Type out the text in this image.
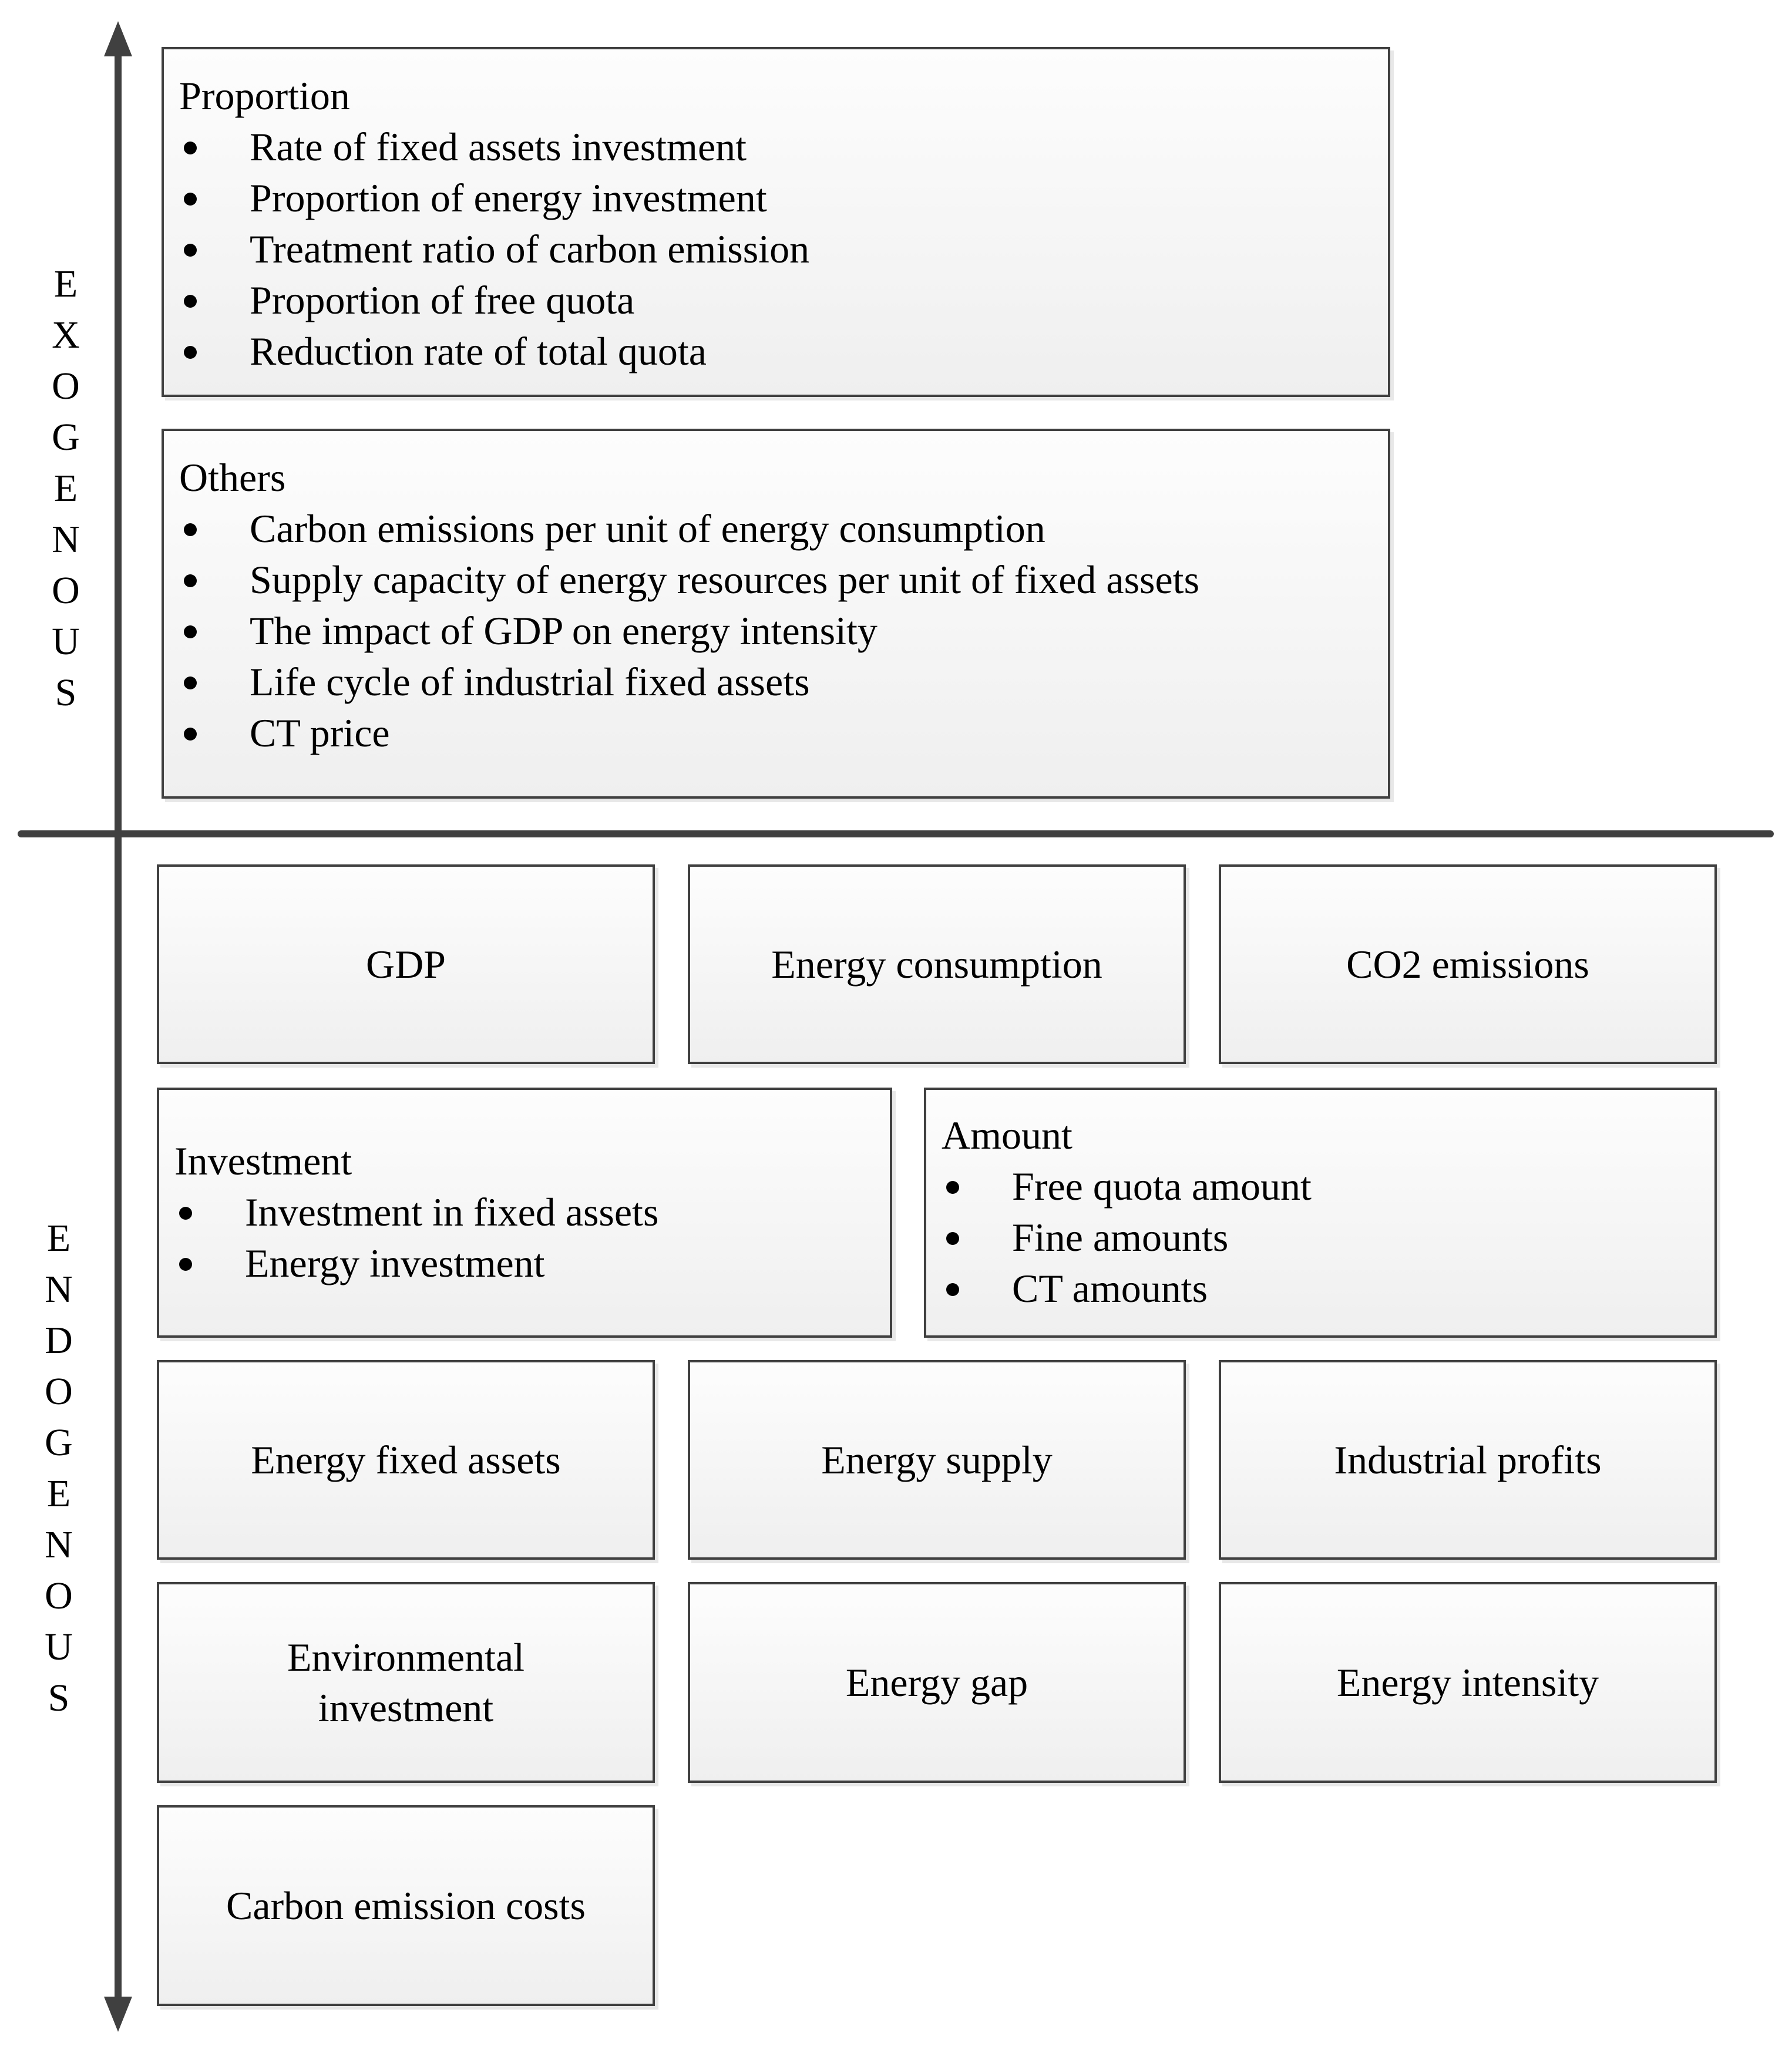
E
X
O
G
E
N
O
U
S
E
N
D
O
G
E
N
O
U
S
Proportion
Rate of fixed assets investment
Proportion of energy investment
Treatment ratio of carbon emission
Proportion of free quota
Reduction rate of total quota
Others
Carbon emissions per unit of energy consumption
Supply capacity of energy resources per unit of fixed assets
The impact of GDP on energy intensity
Life cycle of industrial fixed assets
CT price
GDP	Energy consumption	CO2 emissions
Investment
Investment in fixed assets
Energy investment
Amount
Free quota amount
Fine amounts
CT amounts
Energy fixed assets	Energy supply	Industrial profits
Environmental
investment
Energy gap	Energy intensity
Carbon emission costs
